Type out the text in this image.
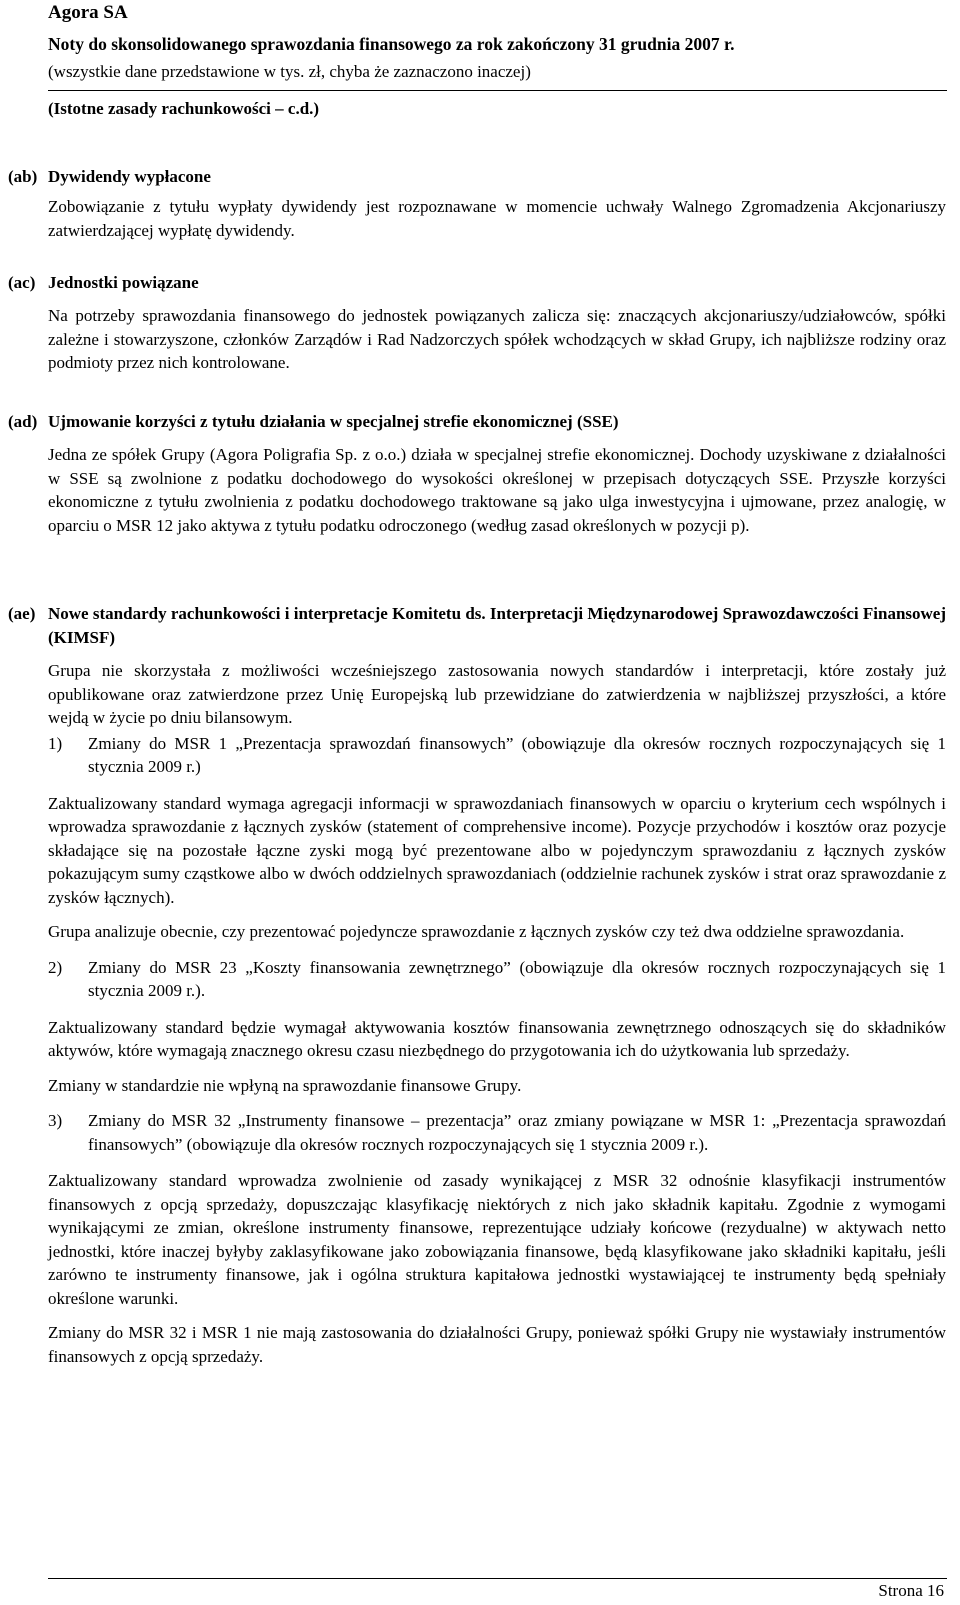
Agora SA
Noty do skonsolidowanego sprawozdania finansowego za rok zakończony 31 grudnia 2007 r.
(wszystkie dane przedstawione w tys. zł, chyba że zaznaczono inaczej)
(Istotne zasady rachunkowości – c.d.)
(ab) Dywidendy wypłacone

Zobowiązanie z tytułu wypłaty dywidendy jest rozpoznawane w momencie uchwały Walnego Zgromadzenia Akcjonariuszy zatwierdzającej wypłatę dywidendy.

(ac) Jednostki powiązane

Na potrzeby sprawozdania finansowego do jednostek powiązanych zalicza się: znaczących akcjonariuszy/udziałowców, spółki zależne i stowarzyszone, członków Zarządów i Rad Nadzorczych spółek wchodzących w skład Grupy, ich najbliższe rodziny oraz podmioty przez nich kontrolowane.

(ad) Ujmowanie korzyści z tytułu działania w specjalnej strefie ekonomicznej (SSE)

Jedna ze spółek Grupy (Agora Poligrafia Sp. z o.o.) działa w specjalnej strefie ekonomicznej. Dochody uzyskiwane z działalności w SSE są zwolnione z podatku dochodowego do wysokości określonej w przepisach dotyczących SSE. Przyszłe korzyści ekonomiczne z tytułu zwolnienia z podatku dochodowego traktowane są jako ulga inwestycyjna i ujmowane, przez analogię, w oparciu o MSR 12 jako aktywa z tytułu podatku odroczonego (według zasad określonych w pozycji p).

(ae) Nowe standardy rachunkowości i interpretacje Komitetu ds. Interpretacji Międzynarodowej Sprawozdawczości Finansowej (KIMSF)

Grupa nie skorzystała z możliwości wcześniejszego zastosowania nowych standardów i interpretacji, które zostały już opublikowane oraz zatwierdzone przez Unię Europejską lub przewidziane do zatwierdzenia w najbliższej przyszłości, a które wejdą w życie po dniu bilansowym.

1) Zmiany do MSR 1 „Prezentacja sprawozdań finansowych” (obowiązuje dla okresów rocznych rozpoczynających się 1 stycznia 2009 r.)

Zaktualizowany standard wymaga agregacji informacji w sprawozdaniach finansowych w oparciu o kryterium cech wspólnych i wprowadza sprawozdanie z łącznych zysków (statement of comprehensive income). Pozycje przychodów i kosztów oraz pozycje składające się na pozostałe łączne zyski mogą być prezentowane albo w pojedynczym sprawozdaniu z łącznych zysków pokazującym sumy cząstkowe albo w dwóch oddzielnych sprawozdaniach (oddzielnie rachunek zysków i strat oraz sprawozdanie z zysków łącznych).

Grupa analizuje obecnie, czy prezentować pojedyncze sprawozdanie z łącznych zysków czy też dwa oddzielne sprawozdania.

2) Zmiany do MSR 23 „Koszty finansowania zewnętrznego” (obowiązuje dla okresów rocznych rozpoczynających się 1 stycznia 2009 r.).

Zaktualizowany standard będzie wymagał aktywowania kosztów finansowania zewnętrznego odnoszących się do składników aktywów, które wymagają znacznego okresu czasu niezbędnego do przygotowania ich do użytkowania lub sprzedaży.

Zmiany w standardzie nie wpłyną na sprawozdanie finansowe Grupy.

3) Zmiany do MSR 32 „Instrumenty finansowe – prezentacja” oraz zmiany powiązane w MSR 1: „Prezentacja sprawozdań finansowych” (obowiązuje dla okresów rocznych rozpoczynających się 1 stycznia 2009 r.).

Zaktualizowany standard wprowadza zwolnienie od zasady wynikającej z MSR 32 odnośnie klasyfikacji instrumentów finansowych z opcją sprzedaży, dopuszczając klasyfikację niektórych z nich jako składnik kapitału. Zgodnie z wymogami wynikającymi ze zmian, określone instrumenty finansowe, reprezentujące udziały końcowe (rezydualne) w aktywach netto jednostki, które inaczej byłyby zaklasyfikowane jako zobowiązania finansowe, będą klasyfikowane jako składniki kapitału, jeśli zarówno te instrumenty finansowe, jak i ogólna struktura kapitałowa jednostki wystawiającej te instrumenty będą spełniały określone warunki.

Zmiany do MSR 32 i MSR 1 nie mają zastosowania do działalności Grupy, ponieważ spółki Grupy nie wystawiały instrumentów finansowych z opcją sprzedaży.

Strona 16
